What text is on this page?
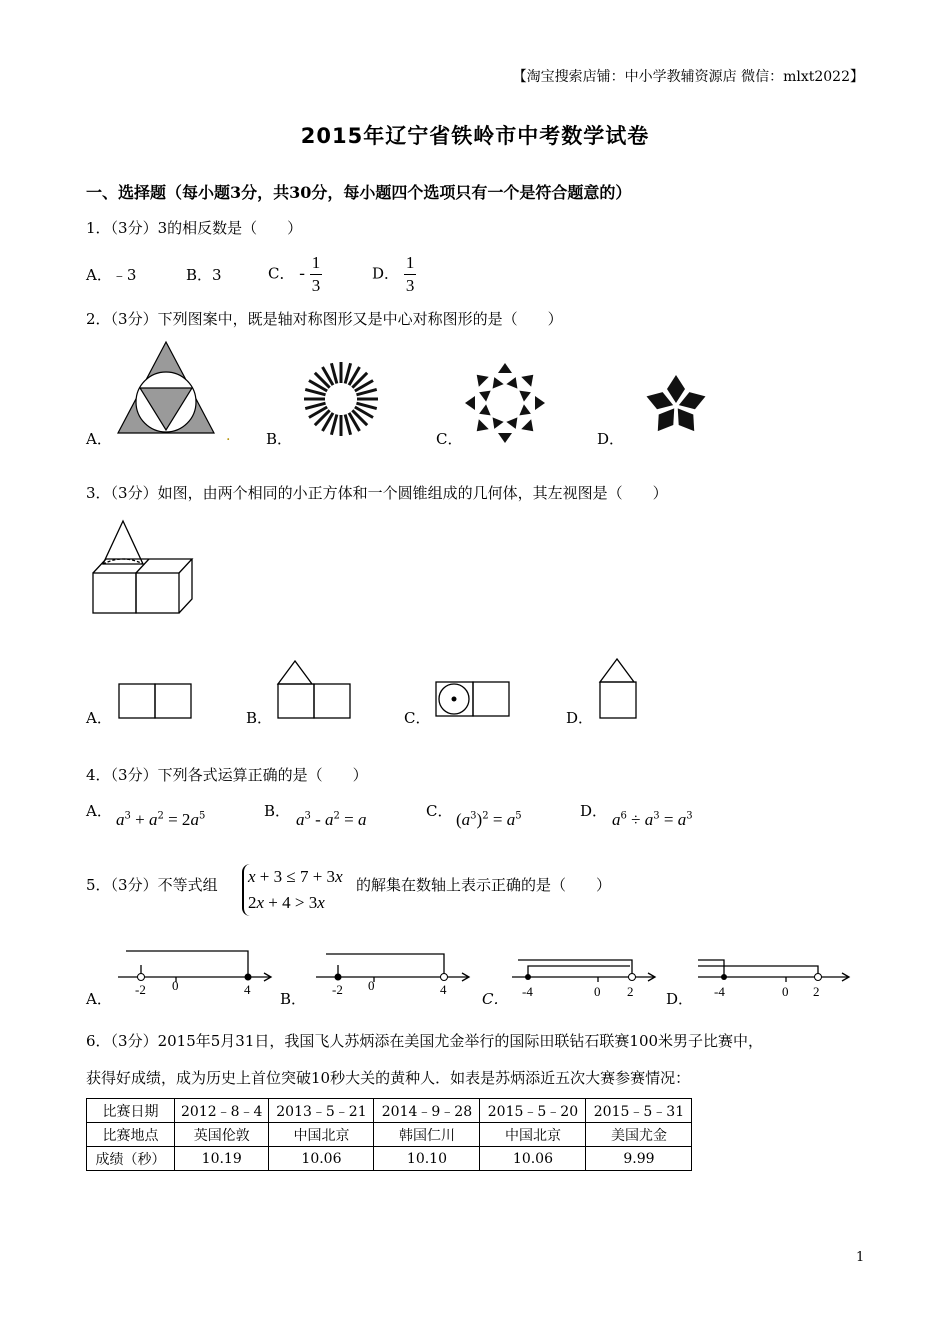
【淘宝搜索店铺：中小学教辅资源店 微信：mlxt2022】
2015年辽宁省铁岭市中考数学试卷
一、选择题（每小题3分，共30分，每小题四个选项只有一个是符合题意的）
1．（3分）3的相反数是（　　）
A．﹣3	B．3	C． - $\frac{1}{3}$	D． $\frac{1}{3}$
2．（3分）下列图案中，既是轴对称图形又是中心对称图形的是（　　）
A．	. B．	C．	D．
3．（3分）如图，由两个相同的小正方体和一个圆锥组成的几何体，其左视图是（　　）
A．	B．	C．	D．
4．（3分）下列各式运算正确的是（　　）
A． $a^3 + a^2 = 2a^5$	B． $a^3 - a^2 = a$	C． $(a^3)^2 = a^5$	D． $a^6 \div a^3 = a^3$
5．（3分）不等式组 x + 3 ≤ 7 + 3x
2x + 4 > 3x
的解集在数轴上表示正确的是（　　）
A．
-2 0	4
B．
-2 0	4
C． -4	0 2 D． -4	0 2
6．（3分）2015年5月31日，我国飞人苏炳添在美国尤金举行的国际田联钻石联赛100米男子比赛中，
获得好成绩，成为历史上首位突破10秒大关的黄种人．如表是苏炳添近五次大赛参赛情况：
比赛日期	2012﹣8﹣4	2013﹣5﹣21	2014﹣9﹣28	2015﹣5﹣20	2015﹣5﹣31
比赛地点	英国伦敦	中国北京	韩国仁川	中国北京	美国尤金
成绩（秒）	10.19	10.06	10.10	10.06	9.99
1
